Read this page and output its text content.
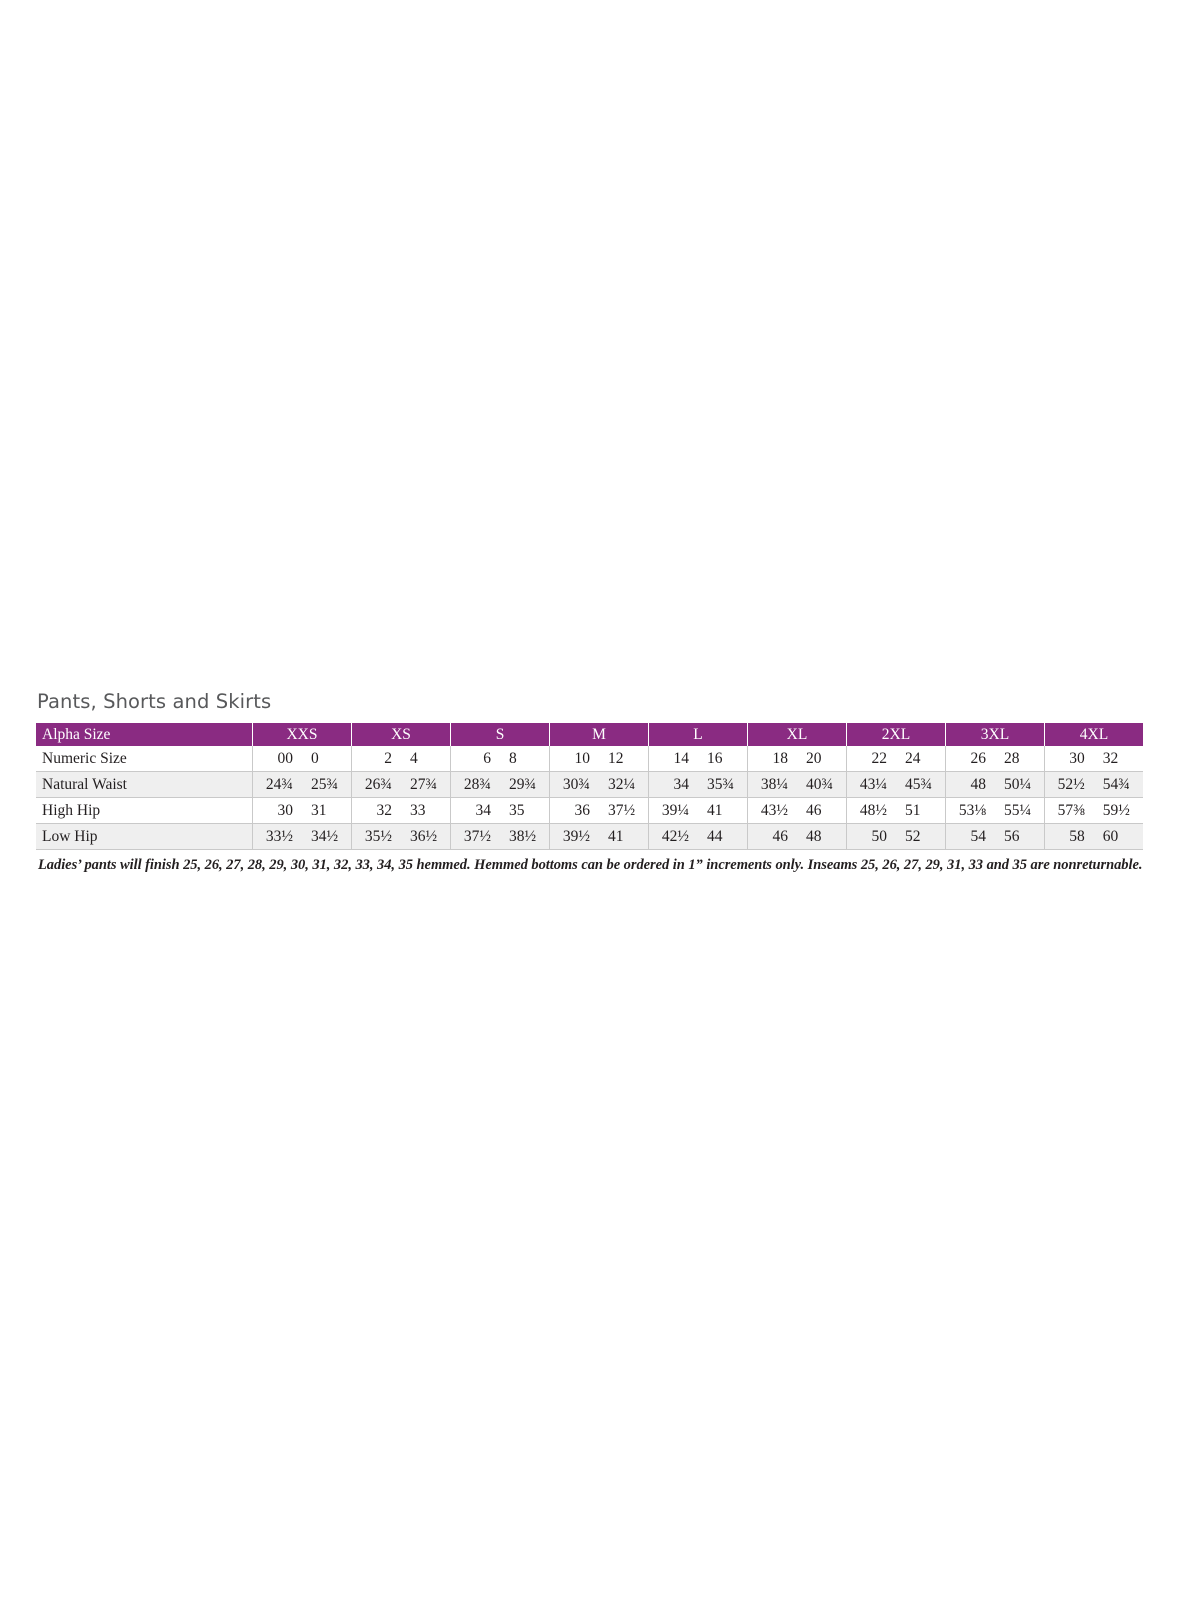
Pants, Shorts and Skirts
Alpha Size	XXS		XS		S		M		L		XL		2XL		3XL		4XL	
Numeric Size	00	0	2	4	6	8	10	12	14	16	18	20	22	24	26	28	30	32
Natural Waist	24¾	25¾	26¾	27¾	28¾	29¾	30¾	32¼	34	35¾	38¼	40¾	43¼	45¾	48	50¼	52½	54¾
High Hip	30	31	32	33	34	35	36	37½	39¼	41	43½	46	48½	51	53⅛	55¼	57⅜	59½
Low Hip	33½	34½	35½	36½	37½	38½	39½	41	42½	44	46	48	50	52	54	56	58	60

Ladies’ pants will finish 25, 26, 27, 28, 29, 30, 31, 32, 33, 34, 35 hemmed. Hemmed bottoms can be ordered in 1” increments only. Inseams 25, 26, 27, 29, 31, 33 and 35 are nonreturnable.
